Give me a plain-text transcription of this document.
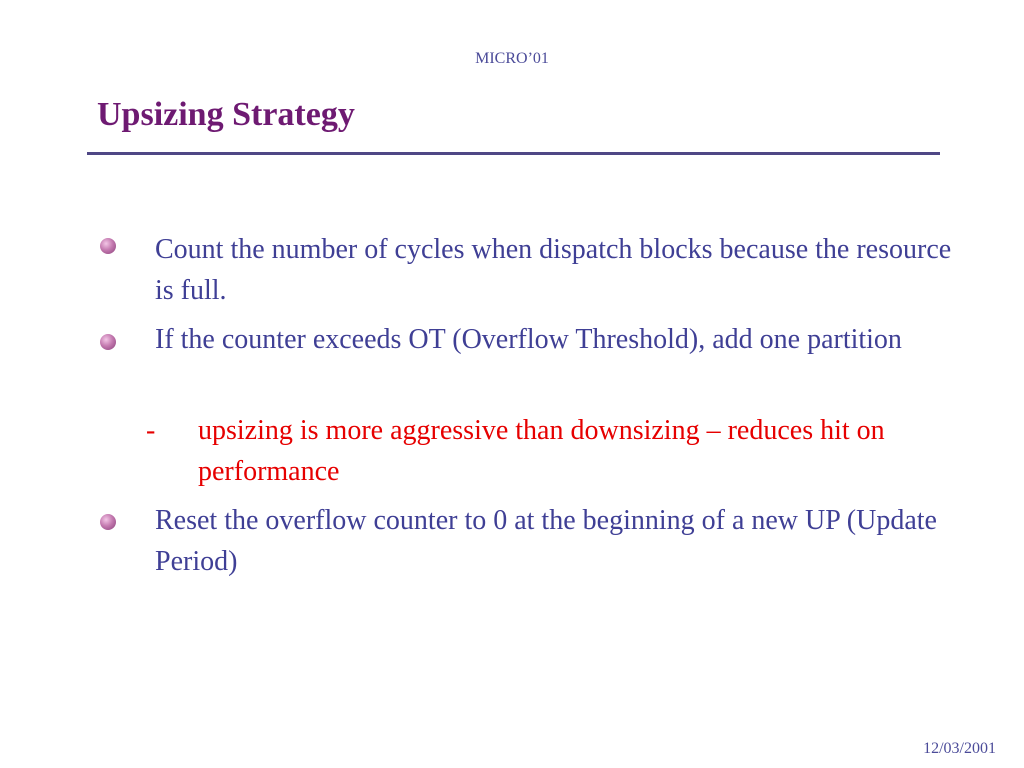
MICRO’01
Upsizing Strategy
Count the number of cycles when dispatch blocks because the resource is full.
If the counter exceeds OT (Overflow Threshold), add one partition
- upsizing is more aggressive than downsizing – reduces hit on performance
Reset the overflow counter to 0 at the beginning of a new UP (Update Period)
12/03/2001
